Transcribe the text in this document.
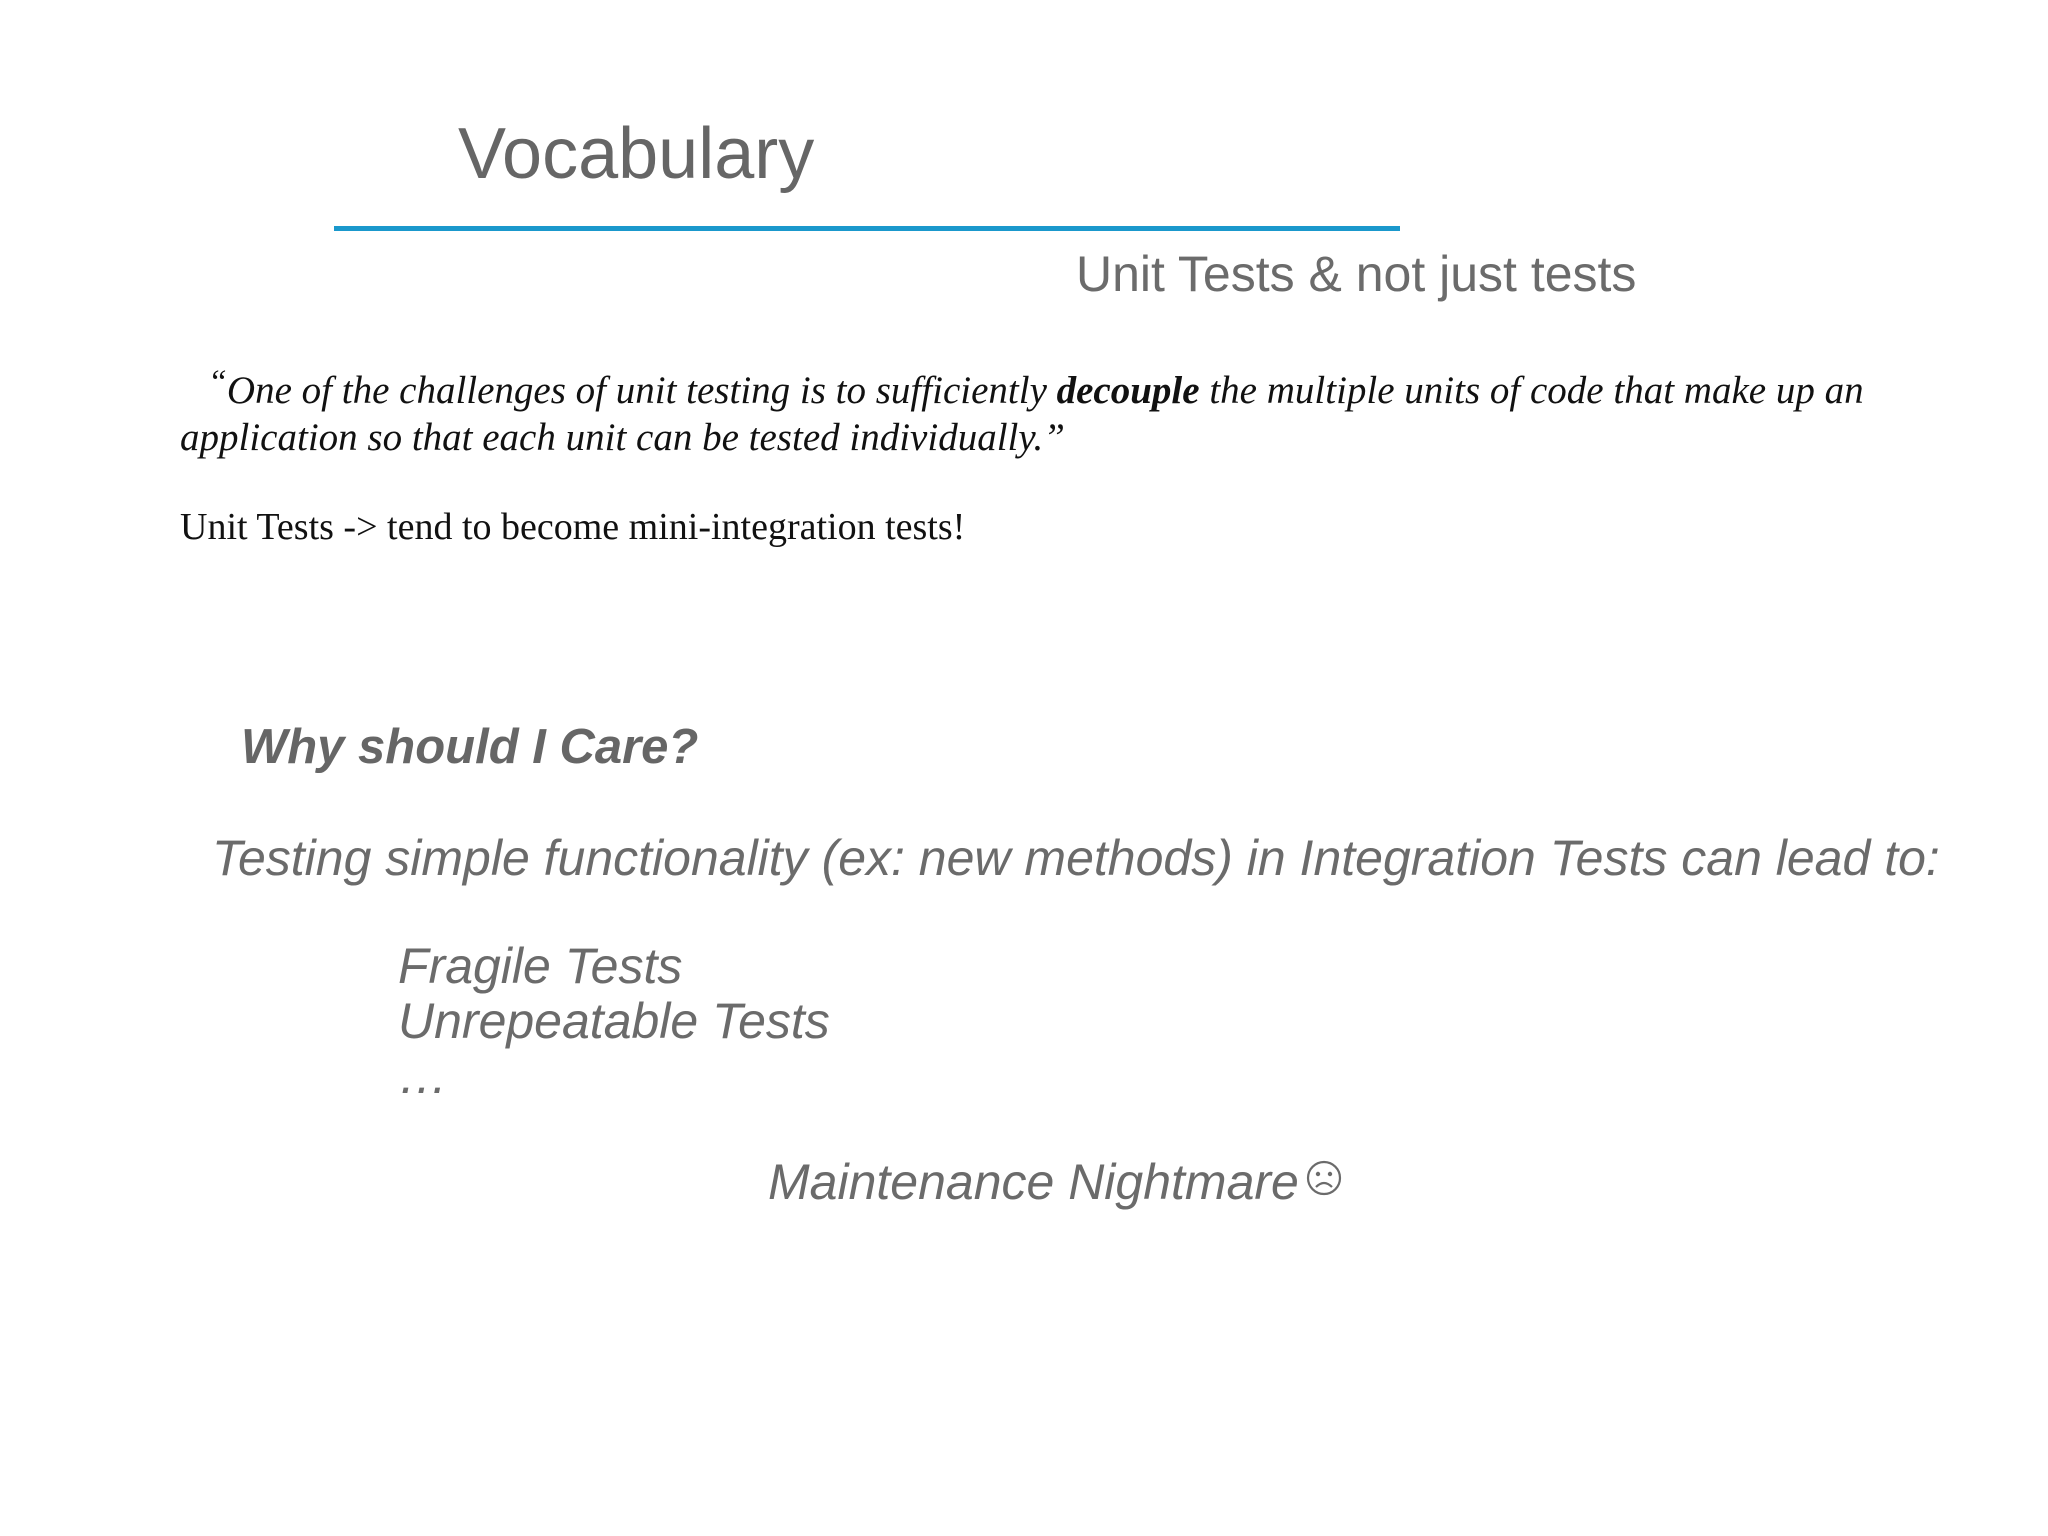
Vocabulary
Unit Tests & not just tests
“One of the challenges of unit testing is to sufficiently decouple the multiple units of code that make up an application so that each unit can be tested individually.”
Unit Tests -> tend to become mini-integration tests!
Why should I Care?
Testing simple functionality (ex: new methods) in Integration Tests can lead to:
Fragile Tests
Unrepeatable Tests
…
Maintenance Nightmare
